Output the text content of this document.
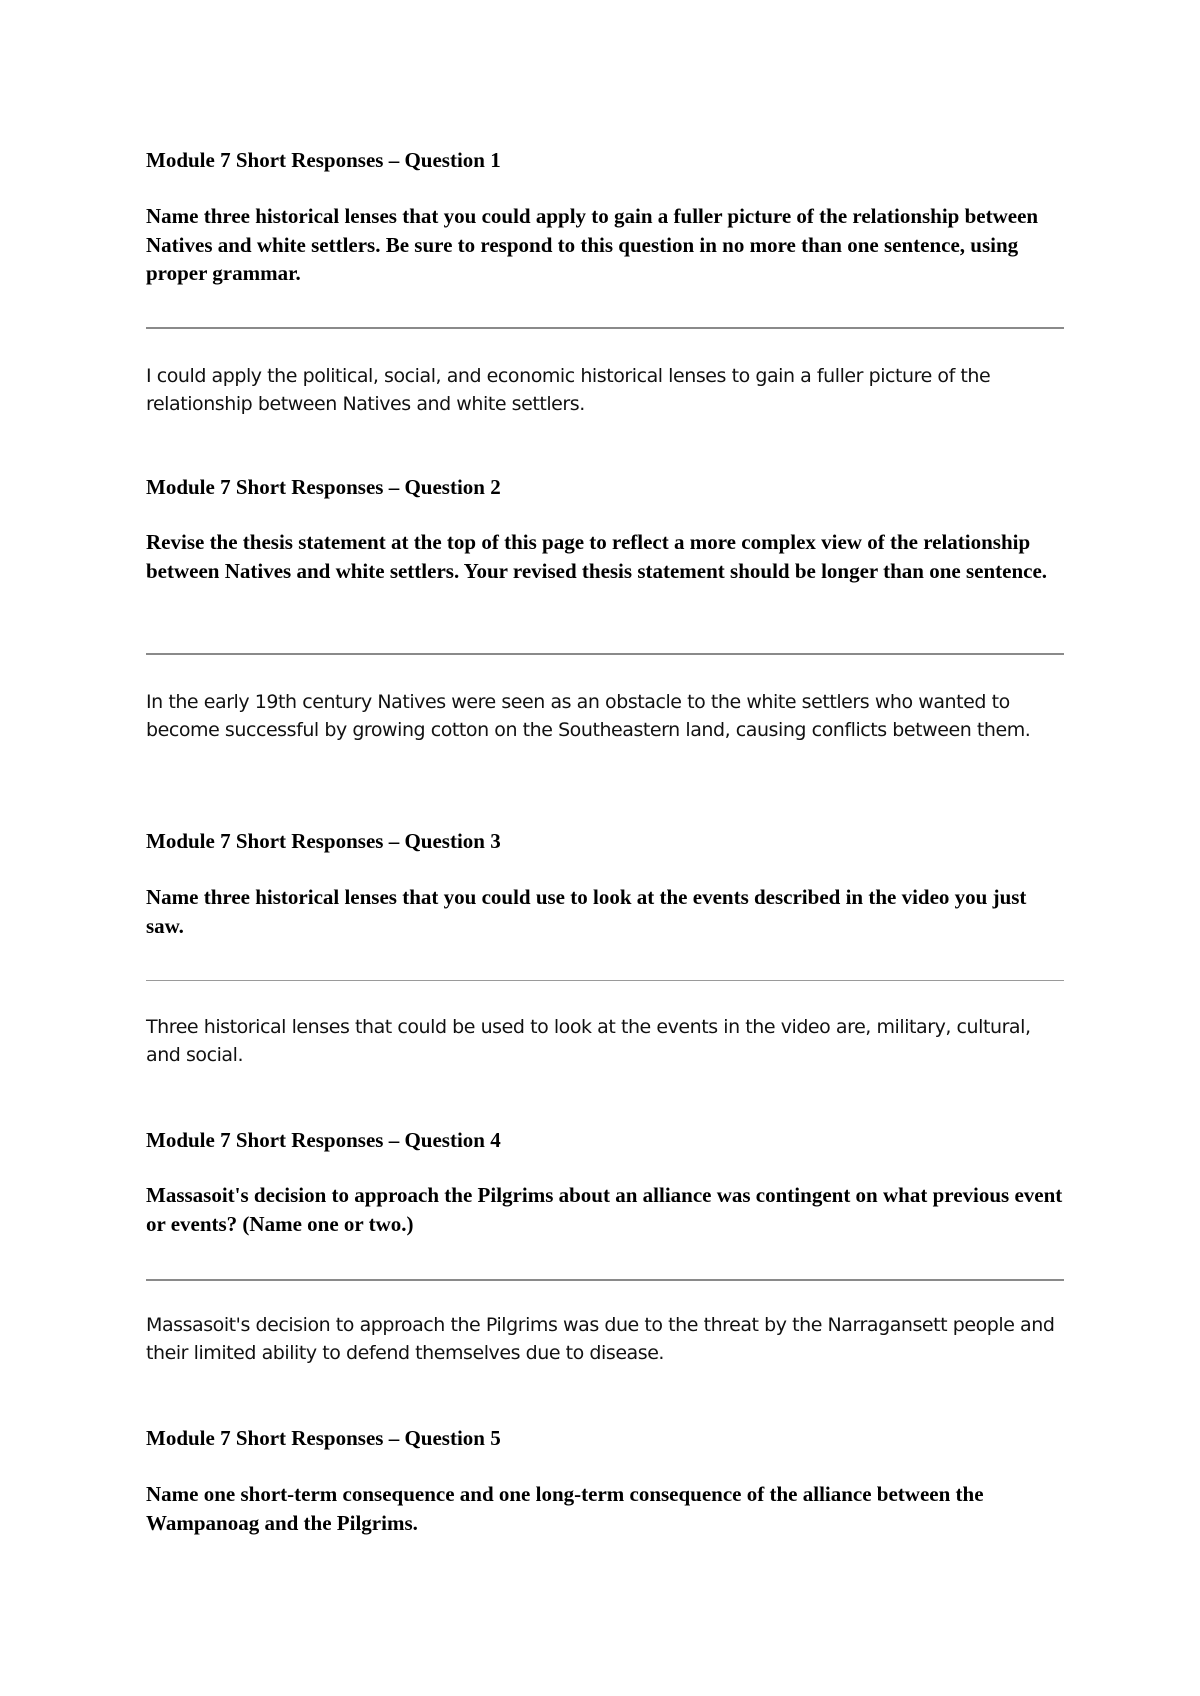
Module 7 Short Responses – Question 1
Name three historical lenses that you could apply to gain a fuller picture of the relationship between Natives and white settlers. Be sure to respond to this question in no more than one sentence, using proper grammar.
I could apply the political, social, and economic historical lenses to gain a fuller picture of the relationship between Natives and white settlers.
Module 7 Short Responses – Question 2
Revise the thesis statement at the top of this page to reflect a more complex view of the relationship between Natives and white settlers. Your revised thesis statement should be longer than one sentence.
In the early 19th century Natives were seen as an obstacle to the white settlers who wanted to become successful by growing cotton on the Southeastern land, causing conflicts between them.
Module 7 Short Responses – Question 3
Name three historical lenses that you could use to look at the events described in the video you just saw.
Three historical lenses that could be used to look at the events in the video are, military, cultural, and social.
Module 7 Short Responses – Question 4
Massasoit's decision to approach the Pilgrims about an alliance was contingent on what previous event or events? (Name one or two.)
Massasoit's decision to approach the Pilgrims was due to the threat by the Narragansett people and their limited ability to defend themselves due to disease.
Module 7 Short Responses – Question 5
Name one short-term consequence and one long-term consequence of the alliance between the Wampanoag and the Pilgrims.
